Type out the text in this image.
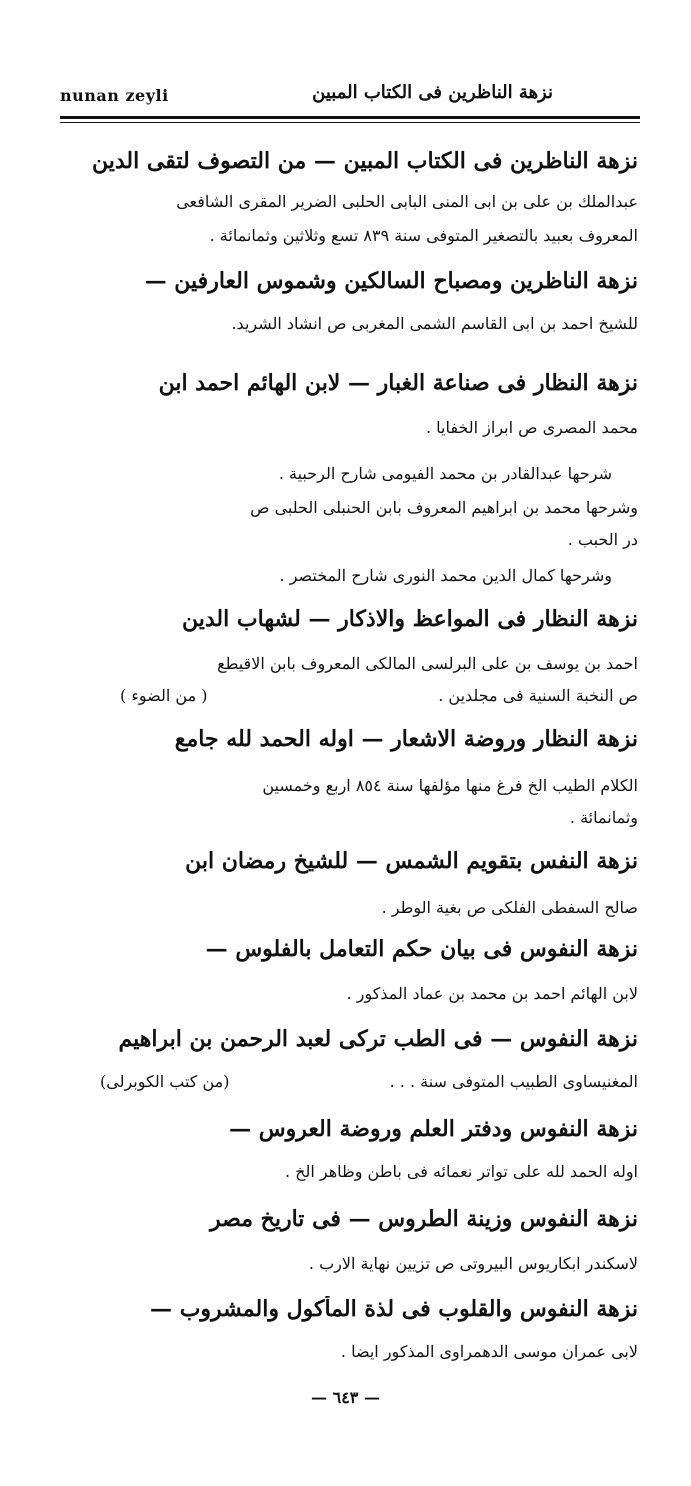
nunan zeyli	نزهة الناظرين فى الكتاب المبين
نزهة الناظرين فى الكتاب المبين — من التصوف لتقى الدين
عبدالملك بن على بن ابى المنى البابى الحلبى الضرير المقرى الشافعى
المعروف بعبيد بالتصغير المتوفى سنة ٨٣٩ تسع وثلاثين وثمانمائة .
نزهة الناظرين ومصباح السالكين وشموس العارفين —
للشيخ احمد بن ابى القاسم الشمى المغربى ص انشاد الشريد.
نزهة النظار فى صناعة الغبار — لابن الهائم احمد ابن
محمد المصرى ص ابراز الخفايا .
شرحها عبدالقادر بن محمد الفيومى شارح الرحبية .
وشرحها محمد بن ابراهيم المعروف بابن الحنبلى الحلبى ص
در الحبب .
وشرحها كمال الدين محمد النورى شارح المختصر .
نزهة النظار فى المواعظ والاذكار — لشهاب الدين
احمد بن يوسف بن على البرلسى المالكى المعروف بابن الاقيطع
ص النخبة السنية فى مجلدين .
( من الضوء )
نزهة النظار وروضة الاشعار — اوله الحمد لله جامع
الكلام الطيب الخ فرغ منها مؤلفها سنة ٨٥٤ اربع وخمسين
وثمانمائة .
نزهة النفس بتقويم الشمس — للشيخ رمضان ابن
صالح السفطى الفلكى ص بغية الوطر .
نزهة النفوس فى بيان حكم التعامل بالفلوس —
لابن الهائم احمد بن محمد بن عماد المذكور .
نزهة النفوس — فى الطب تركى لعبد الرحمن بن ابراهيم
المغنيساوى الطبيب المتوفى سنة . . .
(من كتب الكوبرلى)
نزهة النفوس ودفتر العلم وروضة العروس —
اوله الحمد لله على تواتر نعمائه فى باطن وظاهر الخ .
نزهة النفوس وزينة الطروس — فى تاريخ مصر
لاسكندر ابكاريوس البيروتى ص تزيين نهاية الارب .
نزهة النفوس والقلوب فى لذة المأكول والمشروب —
لابى عمران موسى الدهمراوى المذكور ايضا .
— ٦٤٣ —
